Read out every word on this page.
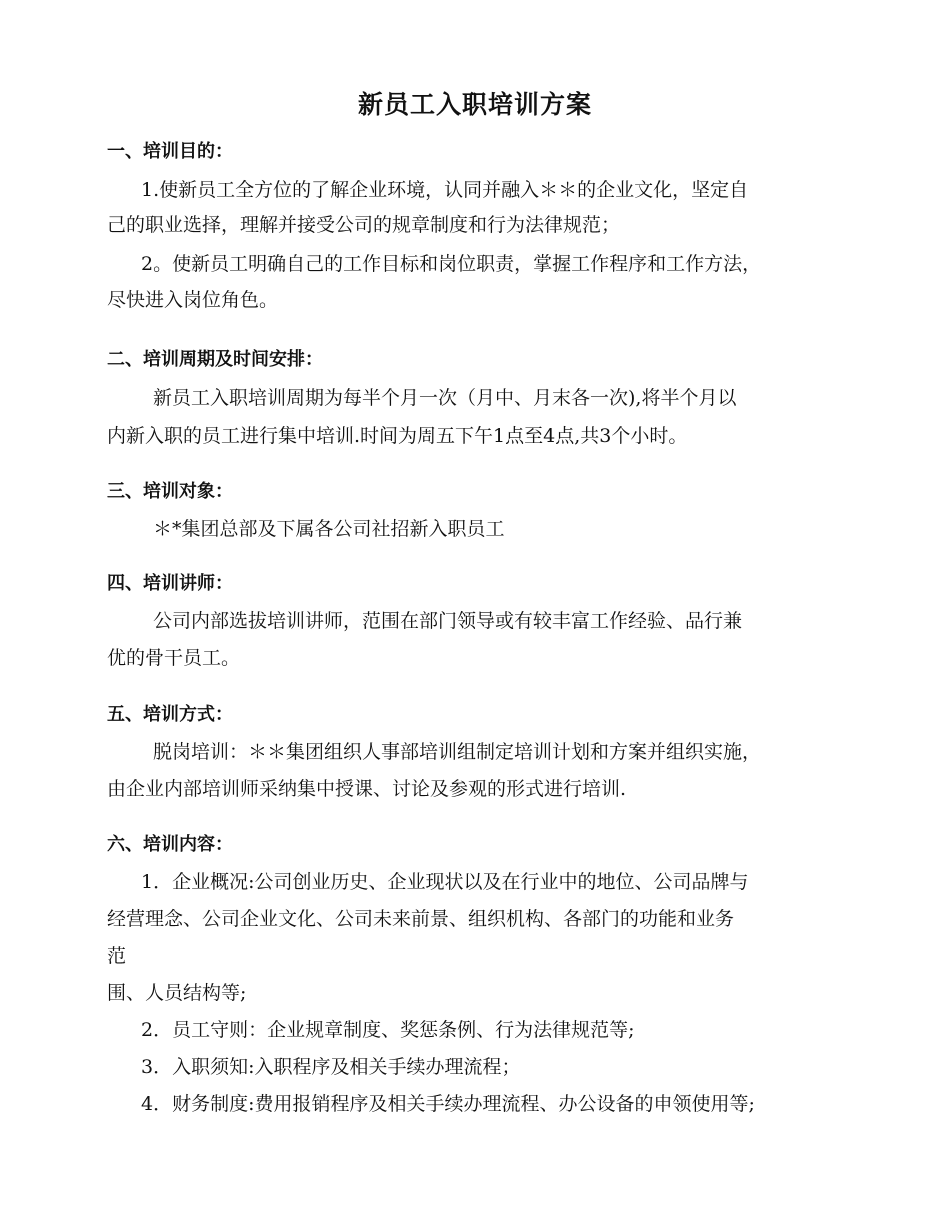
新员工入职培训方案
一、培训目的：
1.使新员工全方位的了解企业环境，认同并融入＊＊的企业文化，坚定自
己的职业选择，理解并接受公司的规章制度和行为法律规范；
2。使新员工明确自己的工作目标和岗位职责，掌握工作程序和工作方法，
尽快进入岗位角色。
二、培训周期及时间安排：
新员工入职培训周期为每半个月一次（月中、月末各一次),将半个月以
内新入职的员工进行集中培训.时间为周五下午1点至4点,共3个小时。
三、培训对象：
＊*集团总部及下属各公司社招新入职员工
四、培训讲师：
公司内部选拔培训讲师，范围在部门领导或有较丰富工作经验、品行兼
优的骨干员工。
五、培训方式：
脱岗培训：＊＊集团组织人事部培训组制定培训计划和方案并组织实施，
由企业内部培训师采纳集中授课、讨论及参观的形式进行培训.
六、培训内容：
1．企业概况:公司创业历史、企业现状以及在行业中的地位、公司品牌与
经营理念、公司企业文化、公司未来前景、组织机构、各部门的功能和业务
范
围、人员结构等;
2．员工守则：企业规章制度、奖惩条例、行为法律规范等;
3．入职须知:入职程序及相关手续办理流程；
4．财务制度:费用报销程序及相关手续办理流程、办公设备的申领使用等;
